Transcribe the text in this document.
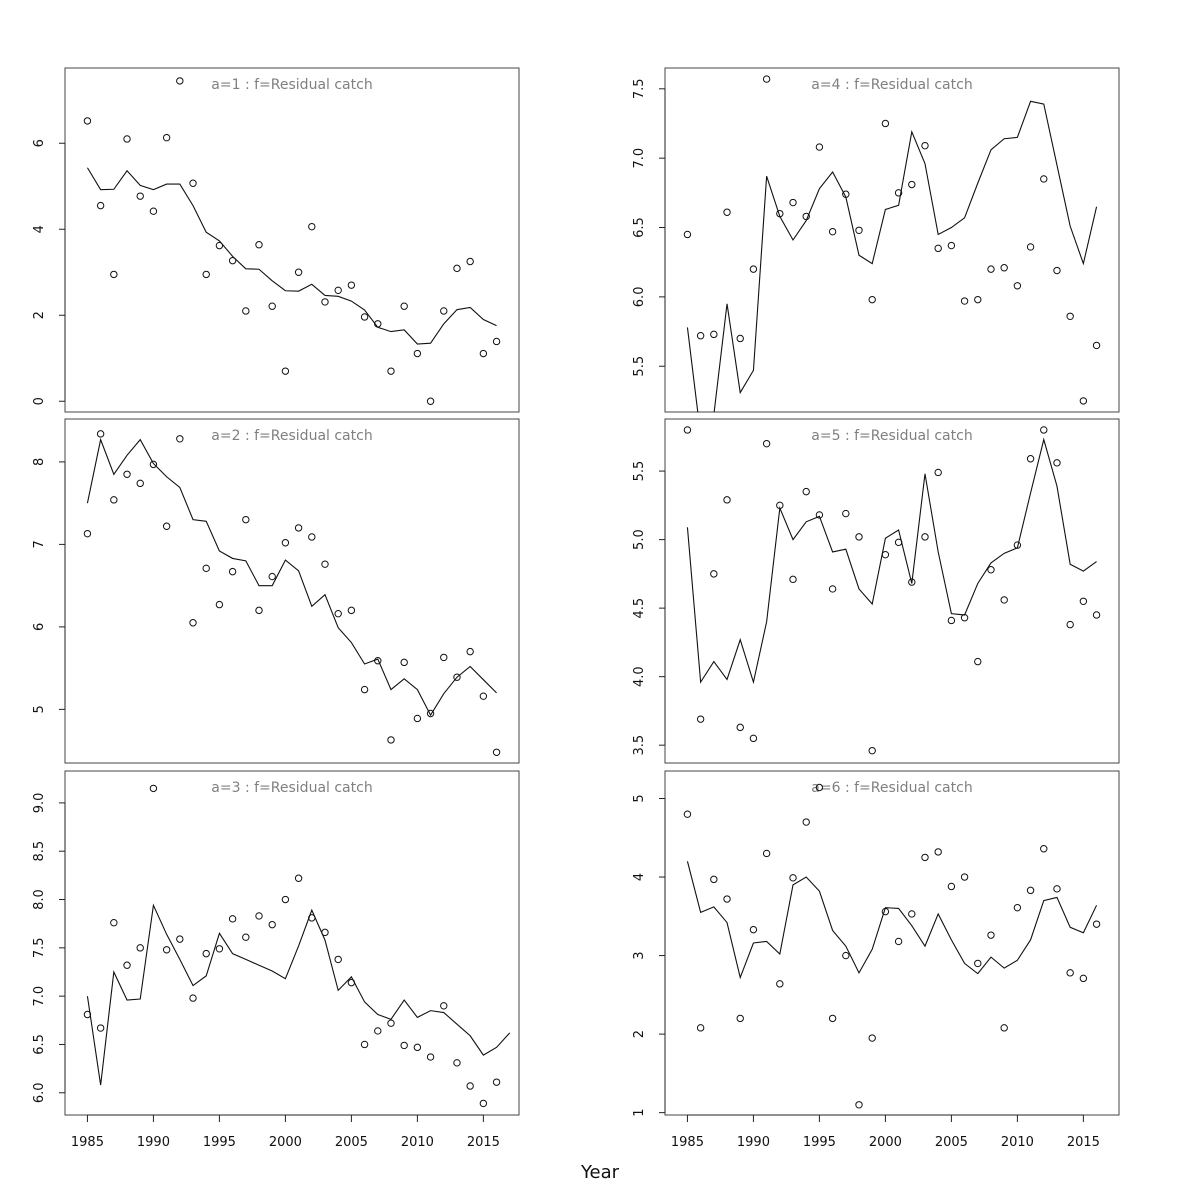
a=1 : f=Residual catch
0
2
4
6
a=2 : f=Residual catch
5
6
7
8
a=3 : f=Residual catch
6.0
6.5
7.0
7.5
8.0
8.5
9.0
a=4 : f=Residual catch
5.5
6.0
6.5
7.0
7.5
a=5 : f=Residual catch
3.5
4.0
4.5
5.0
5.5
a=6 : f=Residual catch
1
2
3
4
5
1985	1990	1995	2000	2005	2010	2015	1985	1990	1995	2000	2005	2010	2015
Year
